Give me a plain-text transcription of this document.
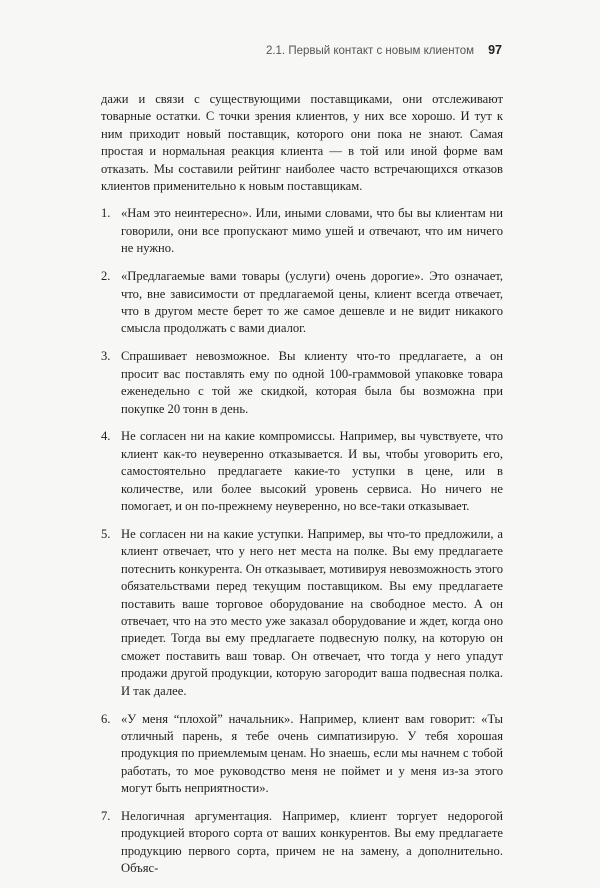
2.1. Первый контакт с новым клиентом 97

дажи и связи с существующими поставщиками, они отслеживают товарные остатки. С точки зрения клиентов, у них все хорошо. И тут к ним приходит новый поставщик, которого они пока не знают. Самая простая и нормальная реакция клиента — в той или иной форме вам отказать. Мы составили рейтинг наиболее часто встречающихся отказов клиентов применительно к новым поставщикам.

1. «Нам это неинтересно». Или, иными словами, что бы вы клиентам ни говорили, они все пропускают мимо ушей и отвечают, что им ничего не нужно.
2. «Предлагаемые вами товары (услуги) очень дорогие». Это означает, что, вне зависимости от предлагаемой цены, клиент всегда отвечает, что в другом месте берет то же самое дешевле и не видит никакого смысла продолжать с вами диалог.
3. Спрашивает невозможное. Вы клиенту что-то предлагаете, а он просит вас поставлять ему по одной 100-граммовой упаковке товара еженедельно с той же скидкой, которая была бы возможна при покупке 20 тонн в день.
4. Не согласен ни на какие компромиссы. Например, вы чувствуете, что клиент как-то неуверенно отказывается. И вы, чтобы уговорить его, самостоятельно предлагаете какие-то уступки в цене, или в количестве, или более высокий уровень сервиса. Но ничего не помогает, и он по-прежнему неуверенно, но все-таки отказывает.
5. Не согласен ни на какие уступки. Например, вы что-то предложили, а клиент отвечает, что у него нет места на полке. Вы ему предлагаете потеснить конкурента. Он отказывает, мотивируя невозможность этого обязательствами перед текущим поставщиком. Вы ему предлагаете поставить ваше торговое оборудование на свободное место. А он отвечает, что на это место уже заказал оборудование и ждет, когда оно приедет. Тогда вы ему предлагаете подвесную полку, на которую он сможет поставить ваш товар. Он отвечает, что тогда у него упадут продажи другой продукции, которую загородит ваша подвесная полка. И так далее.
6. «У меня “плохой” начальник». Например, клиент вам говорит: «Ты отличный парень, я тебе очень симпатизирую. У тебя хорошая продукция по приемлемым ценам. Но знаешь, если мы начнем с тобой работать, то мое руководство меня не поймет и у меня из-за этого могут быть неприятности».
7. Нелогичная аргументация. Например, клиент торгует недорогой продукцией второго сорта от ваших конкурентов. Вы ему предлагаете продукцию первого сорта, причем не на замену, а дополнительно. Объяс-
